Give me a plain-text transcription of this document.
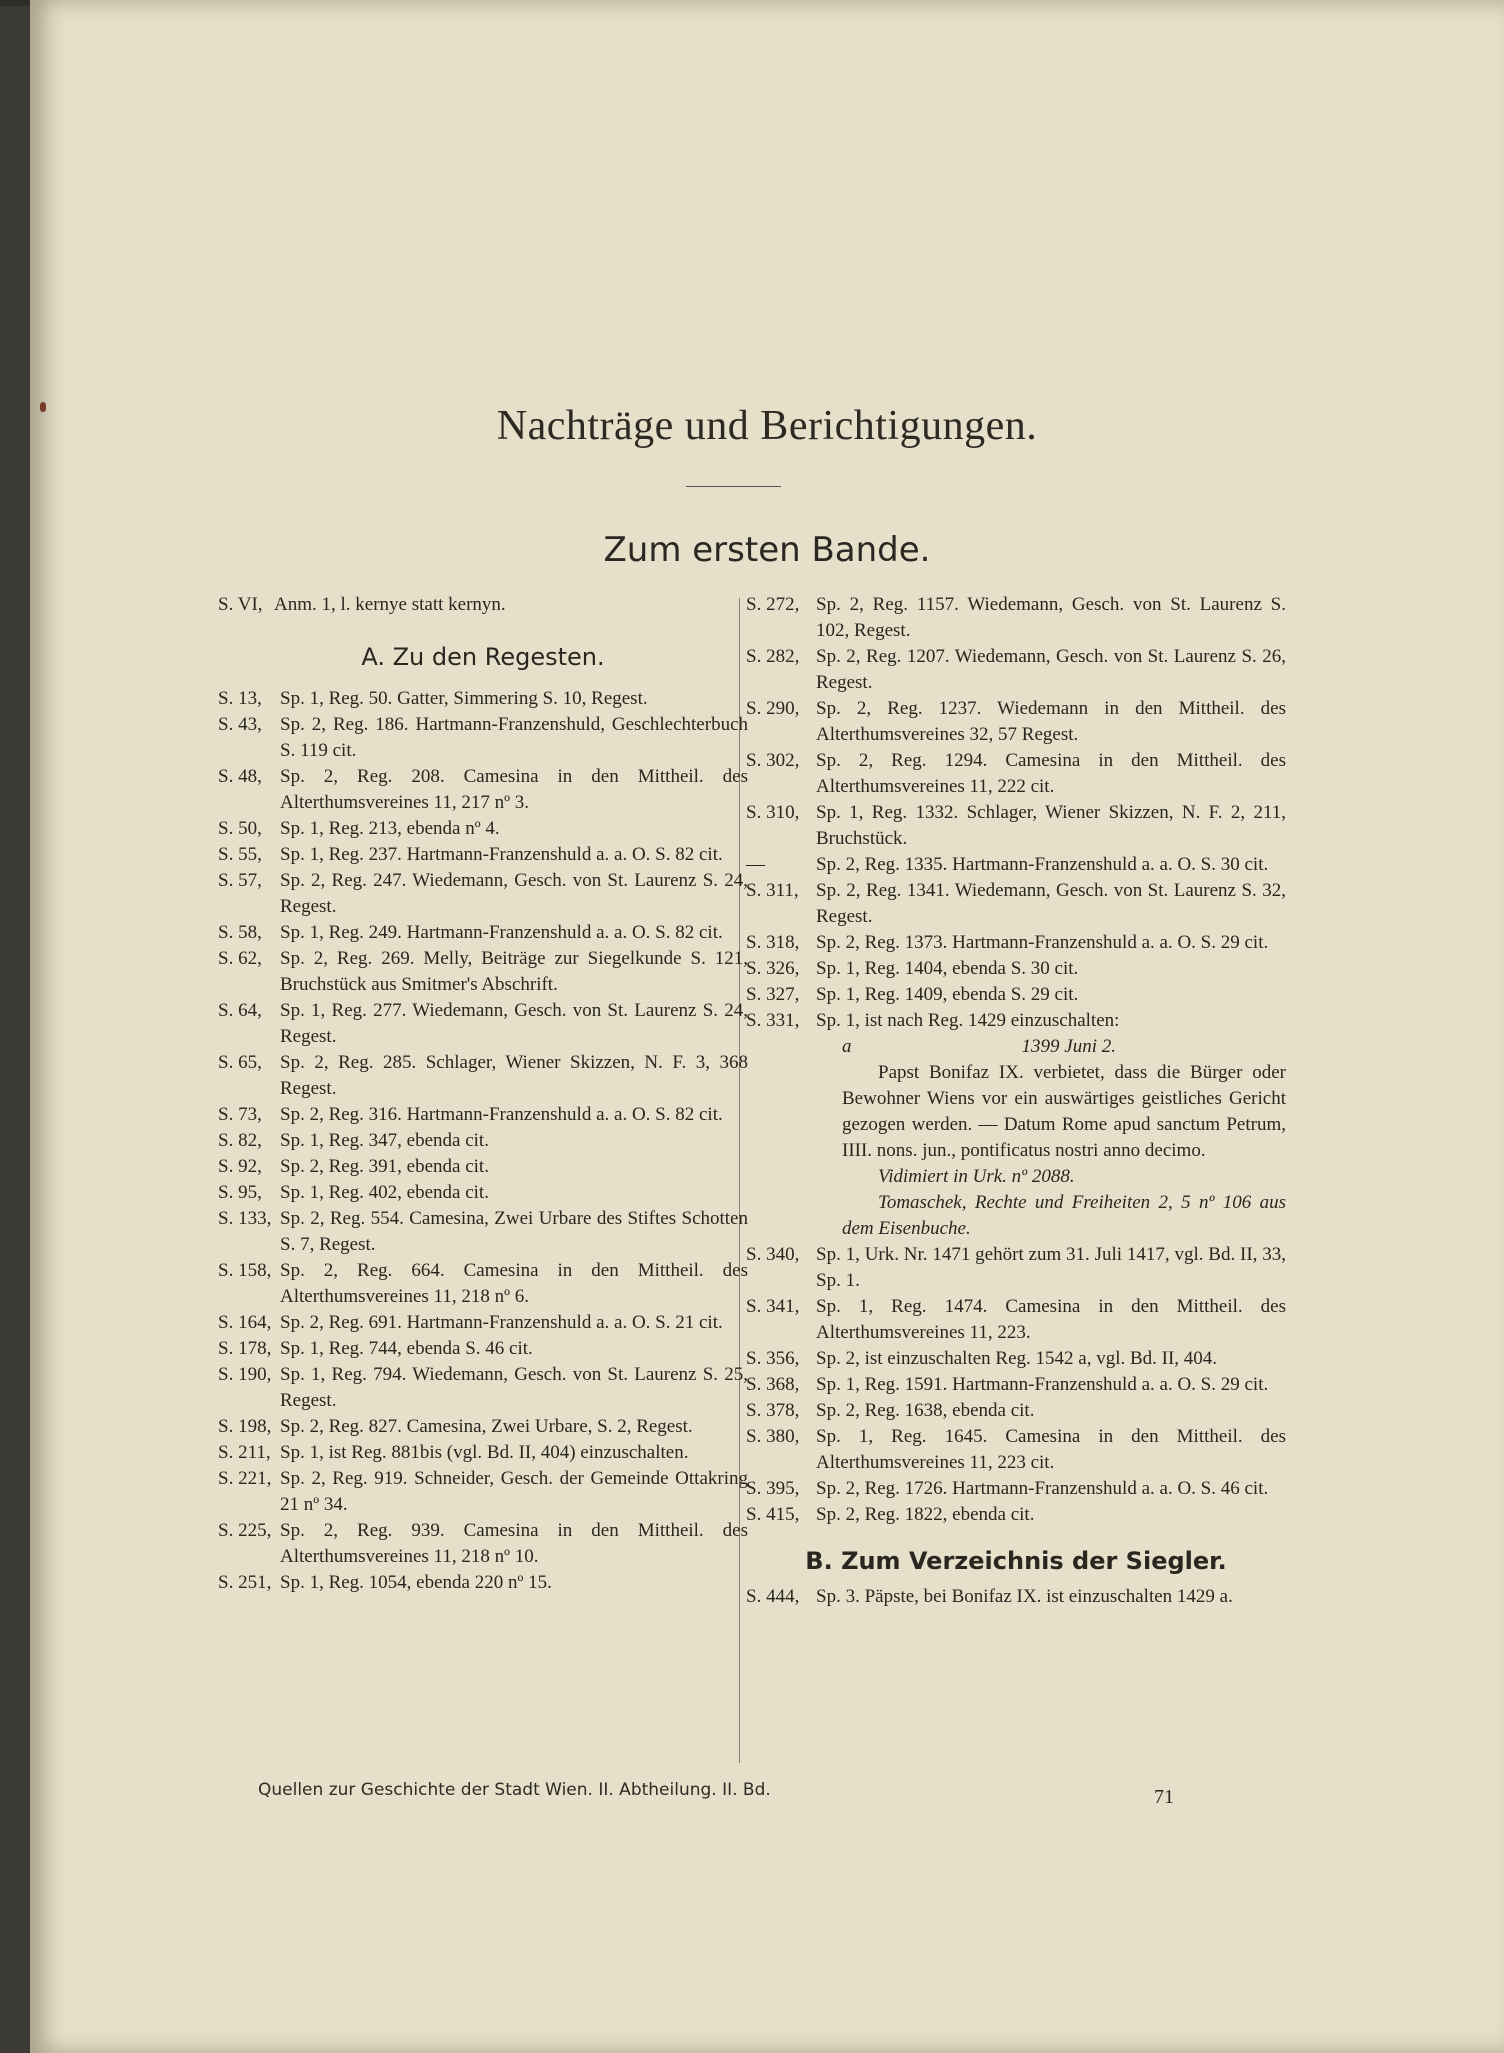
Nachträge und Berichtigungen.
Zum ersten Bande.
S. VI, Anm. 1, l. kernye statt kernyn.
A. Zu den Regesten.
S. 13, Sp. 1, Reg. 50. Gatter, Simmering S. 10, Regest.
S. 43, Sp. 2, Reg. 186. Hartmann-Franzenshuld, Geschlechterbuch S. 119 cit.
S. 48, Sp. 2, Reg. 208. Camesina in den Mittheil. des Alterthumsvereines 11, 217 nº 3.
S. 50, Sp. 1, Reg. 213, ebenda nº 4.
S. 55, Sp. 1, Reg. 237. Hartmann-Franzenshuld a. a. O. S. 82 cit.
S. 57, Sp. 2, Reg. 247. Wiedemann, Gesch. von St. Laurenz S. 24, Regest.
S. 58, Sp. 1, Reg. 249. Hartmann-Franzenshuld a. a. O. S. 82 cit.
S. 62, Sp. 2, Reg. 269. Melly, Beiträge zur Siegelkunde S. 121, Bruchstück aus Smitmer's Abschrift.
S. 64, Sp. 1, Reg. 277. Wiedemann, Gesch. von St. Laurenz S. 24, Regest.
S. 65, Sp. 2, Reg. 285. Schlager, Wiener Skizzen, N. F. 3, 368 Regest.
S. 73, Sp. 2, Reg. 316. Hartmann-Franzenshuld a. a. O. S. 82 cit.
S. 82, Sp. 1, Reg. 347, ebenda cit.
S. 92, Sp. 2, Reg. 391, ebenda cit.
S. 95, Sp. 1, Reg. 402, ebenda cit.
S. 133, Sp. 2, Reg. 554. Camesina, Zwei Urbare des Stiftes Schotten S. 7, Regest.
S. 158, Sp. 2, Reg. 664. Camesina in den Mittheil. des Alterthumsvereines 11, 218 nº 6.
S. 164, Sp. 2, Reg. 691. Hartmann-Franzenshuld a. a. O. S. 21 cit.
S. 178, Sp. 1, Reg. 744, ebenda S. 46 cit.
S. 190, Sp. 1, Reg. 794. Wiedemann, Gesch. von St. Laurenz S. 25, Regest.
S. 198, Sp. 2, Reg. 827. Camesina, Zwei Urbare, S. 2, Regest.
S. 211, Sp. 1, ist Reg. 881bis (vgl. Bd. II, 404) einzuschalten.
S. 221, Sp. 2, Reg. 919. Schneider, Gesch. der Gemeinde Ottakring 21 nº 34.
S. 225, Sp. 2, Reg. 939. Camesina in den Mittheil. des Alterthumsvereines 11, 218 nº 10.
S. 251, Sp. 1, Reg. 1054, ebenda 220 nº 15.
S. 272, Sp. 2, Reg. 1157. Wiedemann, Gesch. von St. Laurenz S. 102, Regest.
S. 282, Sp. 2, Reg. 1207. Wiedemann, Gesch. von St. Laurenz S. 26, Regest.
S. 290, Sp. 2, Reg. 1237. Wiedemann in den Mittheil. des Alterthumsvereines 32, 57 Regest.
S. 302, Sp. 2, Reg. 1294. Camesina in den Mittheil. des Alterthumsvereines 11, 222 cit.
S. 310, Sp. 1, Reg. 1332. Schlager, Wiener Skizzen, N. F. 2, 211, Bruchstück.
—	Sp. 2, Reg. 1335. Hartmann-Franzenshuld a. a. O. S. 30 cit.
S. 311, Sp. 2, Reg. 1341. Wiedemann, Gesch. von St. Laurenz S. 32, Regest.
S. 318, Sp. 2, Reg. 1373. Hartmann-Franzenshuld a. a. O. S. 29 cit.
S. 326, Sp. 1, Reg. 1404, ebenda S. 30 cit.
S. 327, Sp. 1, Reg. 1409, ebenda S. 29 cit.
S. 331, Sp. 1, ist nach Reg. 1429 einzuschalten:
a	1399 Juni 2.

Papst Bonifaz IX. verbietet, dass die Bürger oder Bewohner Wiens vor ein auswärtiges geistliches Gericht gezogen werden. — Datum Rome apud sanctum Petrum, IIII. nons. jun., pontificatus nostri anno decimo.

Vidimiert in Urk. nº 2088.

Tomaschek, Rechte und Freiheiten 2, 5 nº 106 aus dem Eisenbuche.

S. 340, Sp. 1, Urk. Nr. 1471 gehört zum 31. Juli 1417, vgl. Bd. II, 33, Sp. 1.
S. 341, Sp. 1, Reg. 1474. Camesina in den Mittheil. des Alterthumsvereines 11, 223.
S. 356, Sp. 2, ist einzuschalten Reg. 1542 a, vgl. Bd. II, 404.
S. 368, Sp. 1, Reg. 1591. Hartmann-Franzenshuld a. a. O. S. 29 cit.
S. 378, Sp. 2, Reg. 1638, ebenda cit.
S. 380, Sp. 1, Reg. 1645. Camesina in den Mittheil. des Alterthumsvereines 11, 223 cit.
S. 395, Sp. 2, Reg. 1726. Hartmann-Franzenshuld a. a. O. S. 46 cit.
S. 415, Sp. 2, Reg. 1822, ebenda cit.
B. Zum Verzeichnis der Siegler.
S. 444, Sp. 3. Päpste, bei Bonifaz IX. ist einzuschalten 1429 a.
Quellen zur Geschichte der Stadt Wien. II. Abtheilung. II. Bd.	71
